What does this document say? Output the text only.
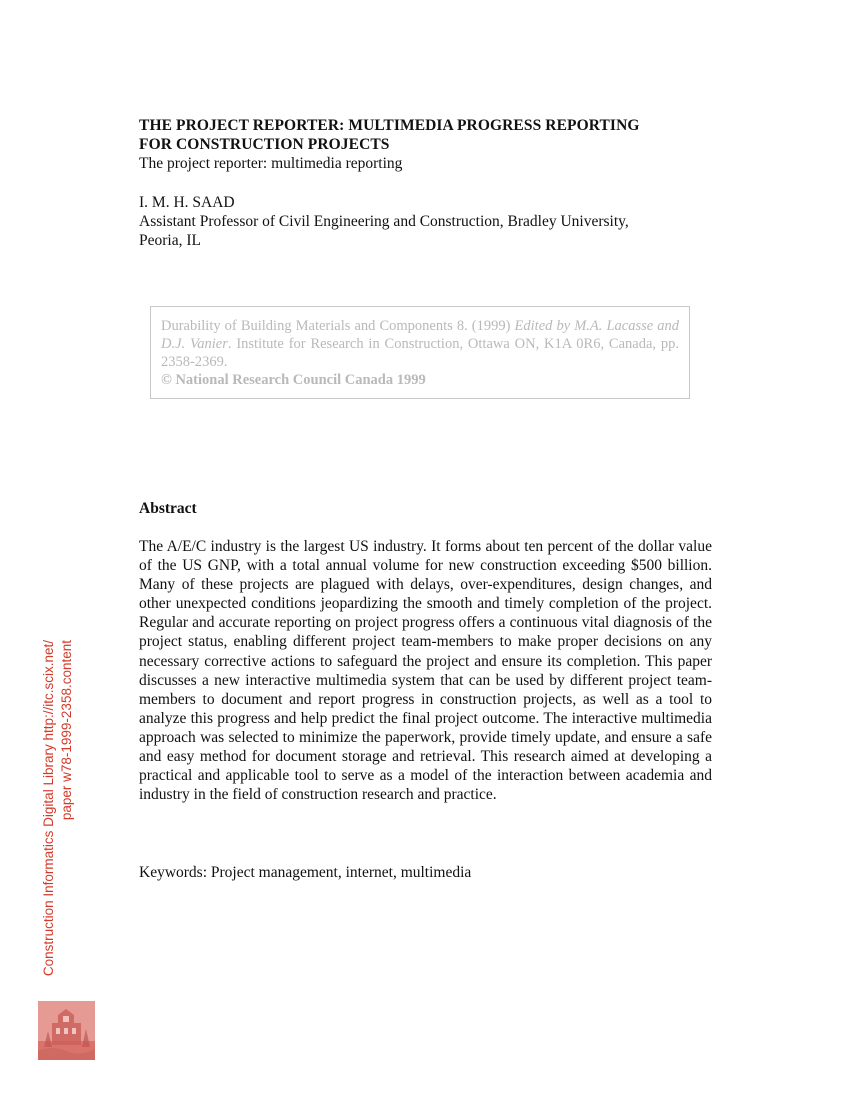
THE PROJECT REPORTER: MULTIMEDIA PROGRESS REPORTING

FOR CONSTRUCTION PROJECTS

The project reporter: multimedia reporting

I. M. H. SAAD

Assistant Professor of Civil Engineering and Construction, Bradley University,

Peoria, IL

Durability of Building Materials and Components 8. (1999) Edited by M.A. Lacasse and D.J. Vanier. Institute for Research in Construction, Ottawa ON, K1A 0R6, Canada, pp. 2358-2369.

© National Research Council Canada 1999

Abstract

The A/E/C industry is the largest US industry. It forms about ten percent of the dollar value of the US GNP, with a total annual volume for new construction exceeding $500 billion. Many of these projects are plagued with delays, over-expenditures, design changes, and other unexpected conditions jeopardizing the smooth and timely completion of the project. Regular and accurate reporting on project progress offers a continuous vital diagnosis of the project status, enabling different project team-members to make proper decisions on any necessary corrective actions to safeguard the project and ensure its completion. This paper discusses a new interactive multimedia system that can be used by different project team-members to document and report progress in construction projects, as well as a tool to analyze this progress and help predict the final project outcome. The interactive multimedia approach was selected to minimize the paperwork, provide timely update, and ensure a safe and easy method for document storage and retrieval. This research aimed at developing a practical and applicable tool to serve as a model of the interaction between academia and industry in the field of construction research and practice.

Keywords: Project management, internet, multimedia
Construction Informatics Digital Library http://itc.scix.net/ paper w78-1999-2358.content
